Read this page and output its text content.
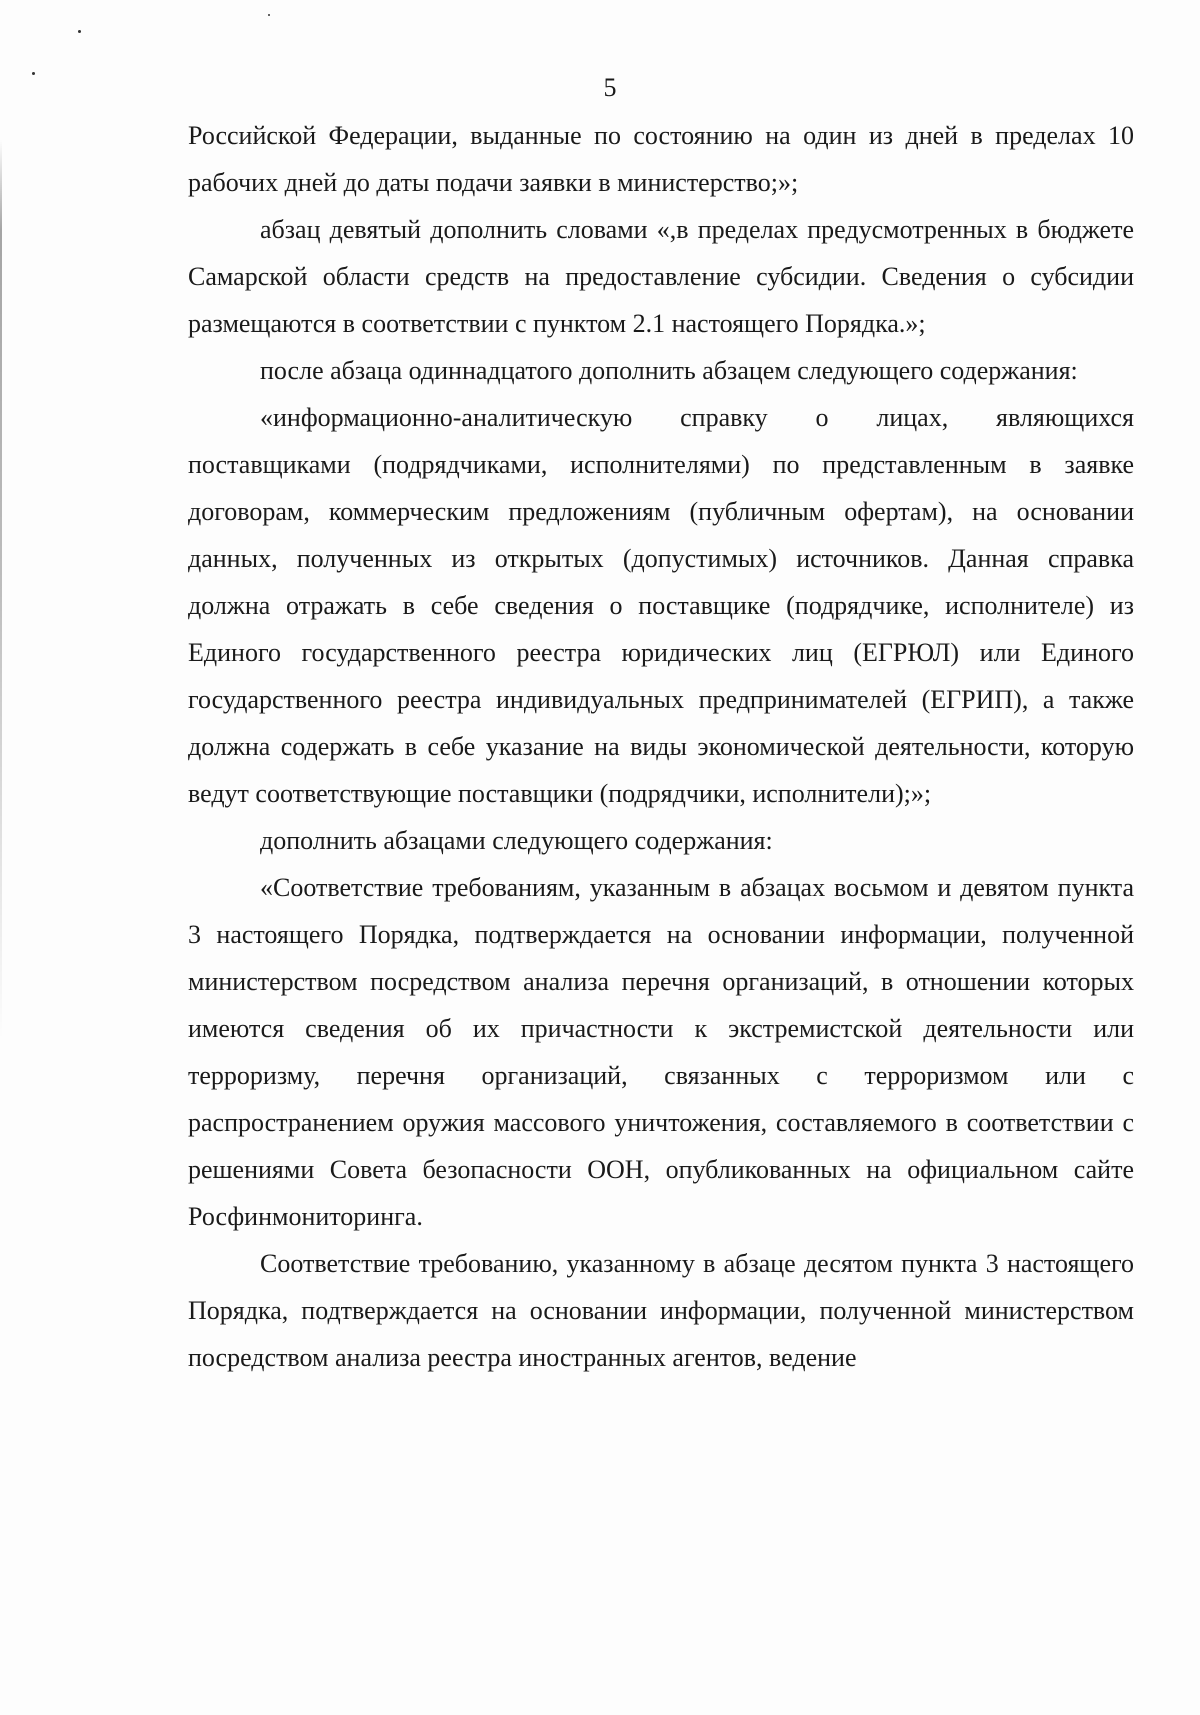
5

Российской Федерации, выданные по состоянию на один из дней в пределах 10 рабочих дней до даты подачи заявки в министерство;»;

абзац девятый дополнить словами «,в пределах предусмотренных в бюджете Самарской области средств на предоставление субсидии. Сведения о субсидии размещаются в соответствии с пунктом 2.1 настоящего Порядка.»;

после абзаца одиннадцатого дополнить абзацем следующего содержания:

«информационно-аналитическую справку о лицах, являющихся поставщиками (подрядчиками, исполнителями) по представленным в заявке договорам, коммерческим предложениям (публичным офертам), на основании данных, полученных из открытых (допустимых) источников. Данная справка должна отражать в себе сведения о поставщике (подрядчике, исполнителе) из Единого государственного реестра юридических лиц (ЕГРЮЛ) или Единого государственного реестра индивидуальных предпринимателей (ЕГРИП), а также должна содержать в себе указание на виды экономической деятельности, которую ведут соответствующие поставщики (подрядчики, исполнители);»;

дополнить абзацами следующего содержания:

«Соответствие требованиям, указанным в абзацах восьмом и девятом пункта 3 настоящего Порядка, подтверждается на основании информации, полученной министерством посредством анализа перечня организаций, в отношении которых имеются сведения об их причастности к экстремистской деятельности или терроризму, перечня организаций, связанных с терроризмом или с распространением оружия массового уничтожения, составляемого в соответствии с решениями Совета безопасности ООН, опубликованных на официальном сайте Росфинмониторинга.

Соответствие требованию, указанному в абзаце десятом пункта 3 настоящего Порядка, подтверждается на основании информации, полученной министерством посредством анализа реестра иностранных агентов, ведение
